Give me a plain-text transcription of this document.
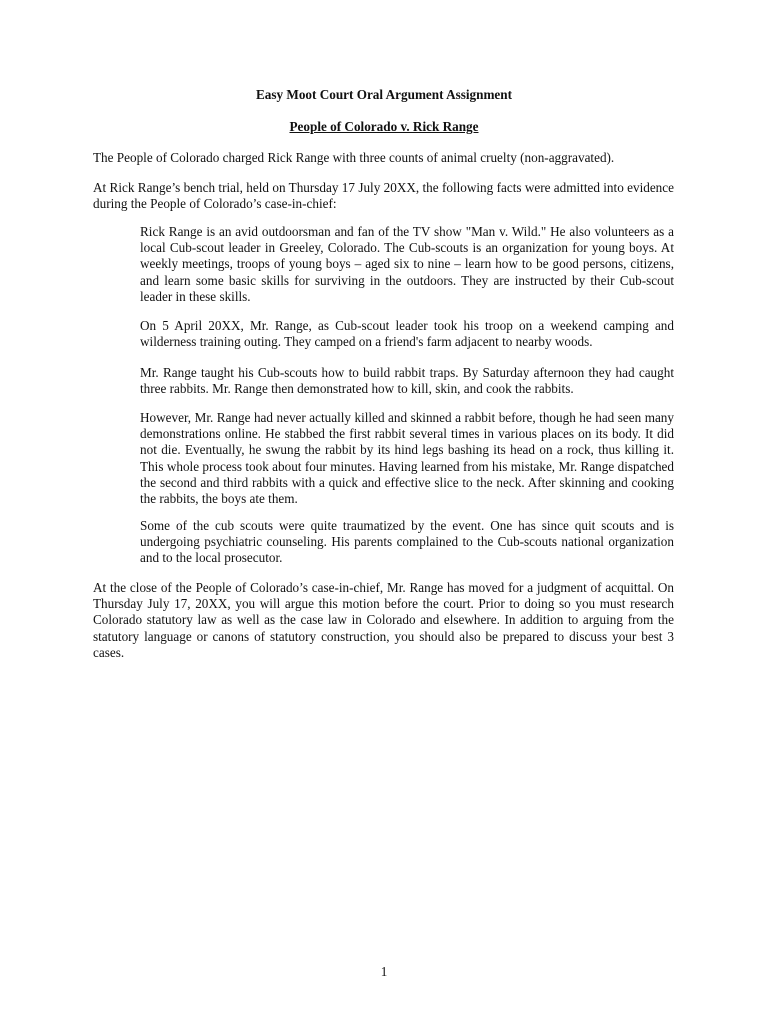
Easy Moot Court Oral Argument Assignment

People of Colorado v. Rick Range

The People of Colorado charged Rick Range with three counts of animal cruelty (non-aggravated).

At Rick Range’s bench trial, held on Thursday 17 July 20XX, the following facts were admitted into evidence during the People of Colorado’s case-in-chief:

Rick Range is an avid outdoorsman and fan of the TV show "Man v. Wild." He also volunteers as a local Cub-scout leader in Greeley, Colorado. The Cub-scouts is an organization for young boys. At weekly meetings, troops of young boys – aged six to nine – learn how to be good persons, citizens, and learn some basic skills for surviving in the outdoors. They are instructed by their Cub-scout leader in these skills.

On 5 April 20XX, Mr. Range, as Cub-scout leader took his troop on a weekend camping and wilderness training outing. They camped on a friend's farm adjacent to nearby woods.

Mr. Range taught his Cub-scouts how to build rabbit traps. By Saturday afternoon they had caught three rabbits. Mr. Range then demonstrated how to kill, skin, and cook the rabbits.

However, Mr. Range had never actually killed and skinned a rabbit before, though he had seen many demonstrations online. He stabbed the first rabbit several times in various places on its body. It did not die. Eventually, he swung the rabbit by its hind legs bashing its head on a rock, thus killing it. This whole process took about four minutes. Having learned from his mistake, Mr. Range dispatched the second and third rabbits with a quick and effective slice to the neck. After skinning and cooking the rabbits, the boys ate them.

Some of the cub scouts were quite traumatized by the event. One has since quit scouts and is undergoing psychiatric counseling. His parents complained to the Cub-scouts national organization and to the local prosecutor.

At the close of the People of Colorado’s case-in-chief, Mr. Range has moved for a judgment of acquittal. On Thursday July 17, 20XX, you will argue this motion before the court. Prior to doing so you must research Colorado statutory law as well as the case law in Colorado and elsewhere. In addition to arguing from the statutory language or canons of statutory construction, you should also be prepared to discuss your best 3 cases.

1
